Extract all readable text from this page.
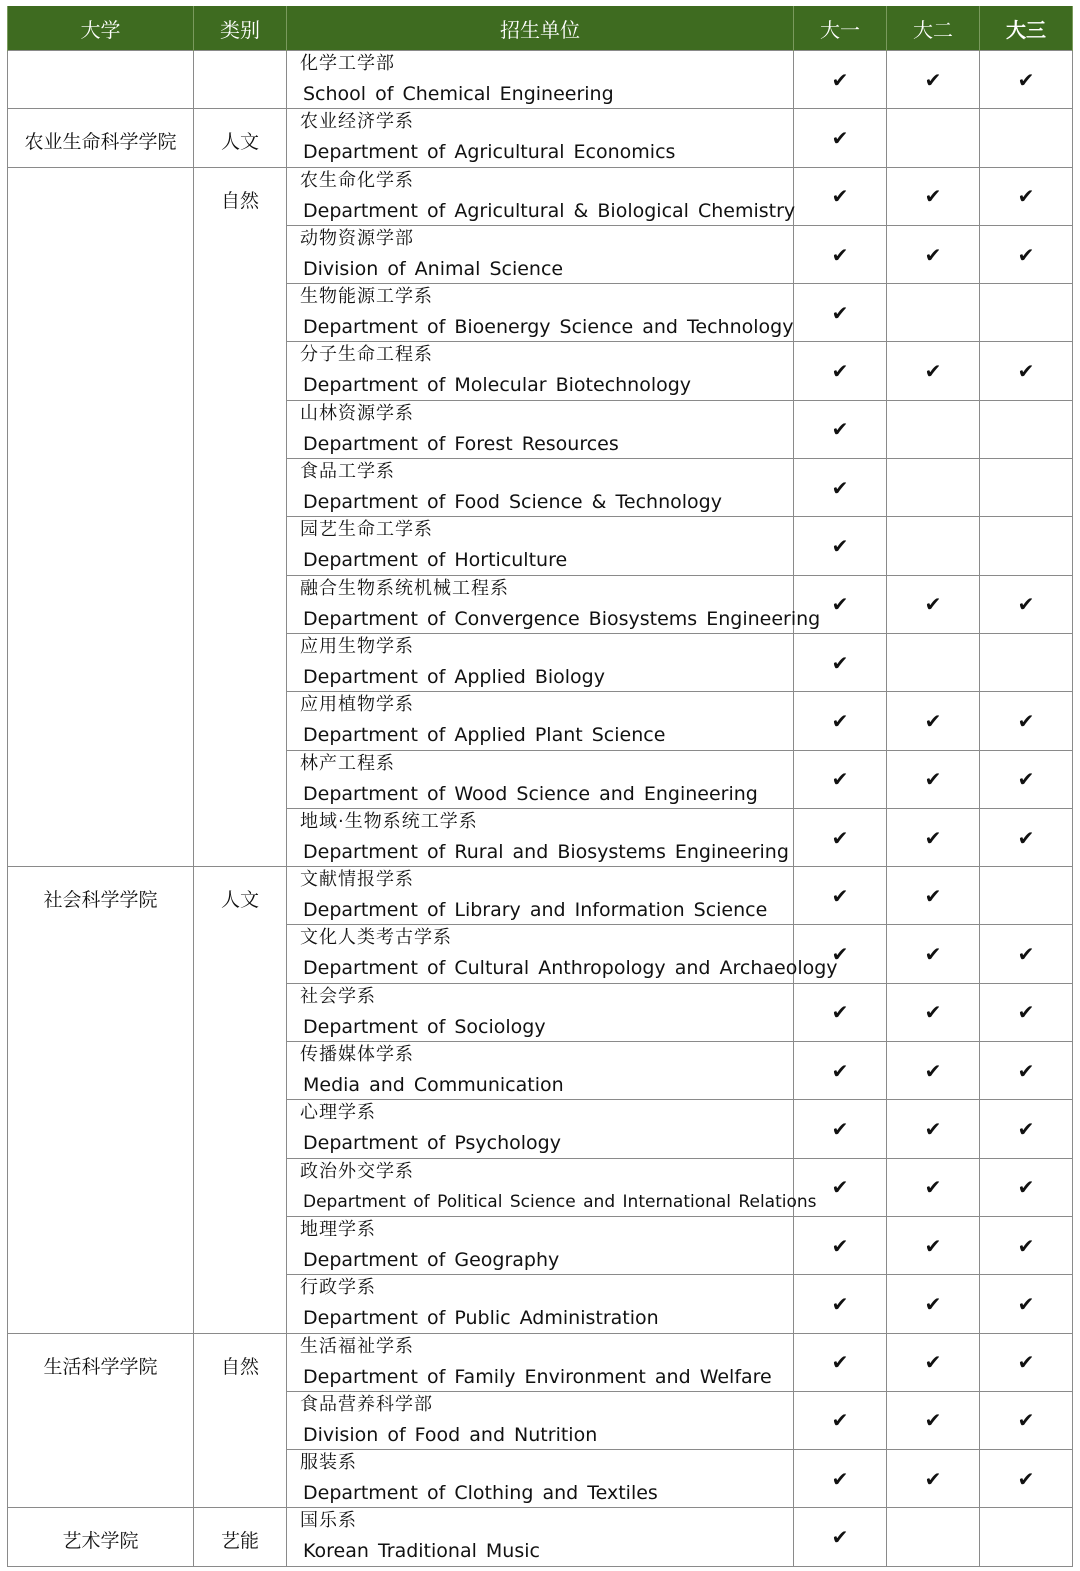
大学	类别	招生单位	大一	大二	大三

		化学工学部
School of Chemical Engineering	✔	✔	✔
农业生命科学学院	人文	农业经济学系
Department of Agricultural Economics	✔		
	自然	农生命化学系
Department of Agricultural & Biological Chemistry	✔	✔	✔

		动物资源学部
Division of Animal Science	✔	✔	✔

		生物能源工学系
Department of Bioenergy Science and Technology	✔		

		分子生命工程系
Department of Molecular Biotechnology	✔	✔	✔

		山林资源学系
Department of Forest Resources	✔		

		食品工学系
Department of Food Science & Technology	✔		

		园艺生命工学系
Department of Horticulture	✔		

		融合生物系统机械工程系
Department of Convergence Biosystems Engineering	✔	✔	✔

		应用生物学系
Department of Applied Biology	✔		

		应用植物学系
Department of Applied Plant Science	✔	✔	✔

		林产工程系
Department of Wood Science and Engineering	✔	✔	✔

		地域·生物系统工学系
Department of Rural and Biosystems Engineering	✔	✔	✔
社会科学学院	人文	文献情报学系
Department of Library and Information Science	✔	✔	

		文化人类考古学系
Department of Cultural Anthropology and Archaeology	✔	✔	✔

		社会学系
Department of Sociology	✔	✔	✔

		传播媒体学系
Media and Communication	✔	✔	✔

		心理学系
Department of Psychology	✔	✔	✔

		政治外交学系
Department of Political Science and International Relations	✔	✔	✔

		地理学系
Department of Geography	✔	✔	✔

		行政学系
Department of Public Administration	✔	✔	✔
生活科学学院	自然	生活福祉学系
Department of Family Environment and Welfare	✔	✔	✔

		食品营养科学部
Division of Food and Nutrition	✔	✔	✔

		服装系
Department of Clothing and Textiles	✔	✔	✔
艺术学院	艺能	国乐系
Korean Traditional Music	✔		
